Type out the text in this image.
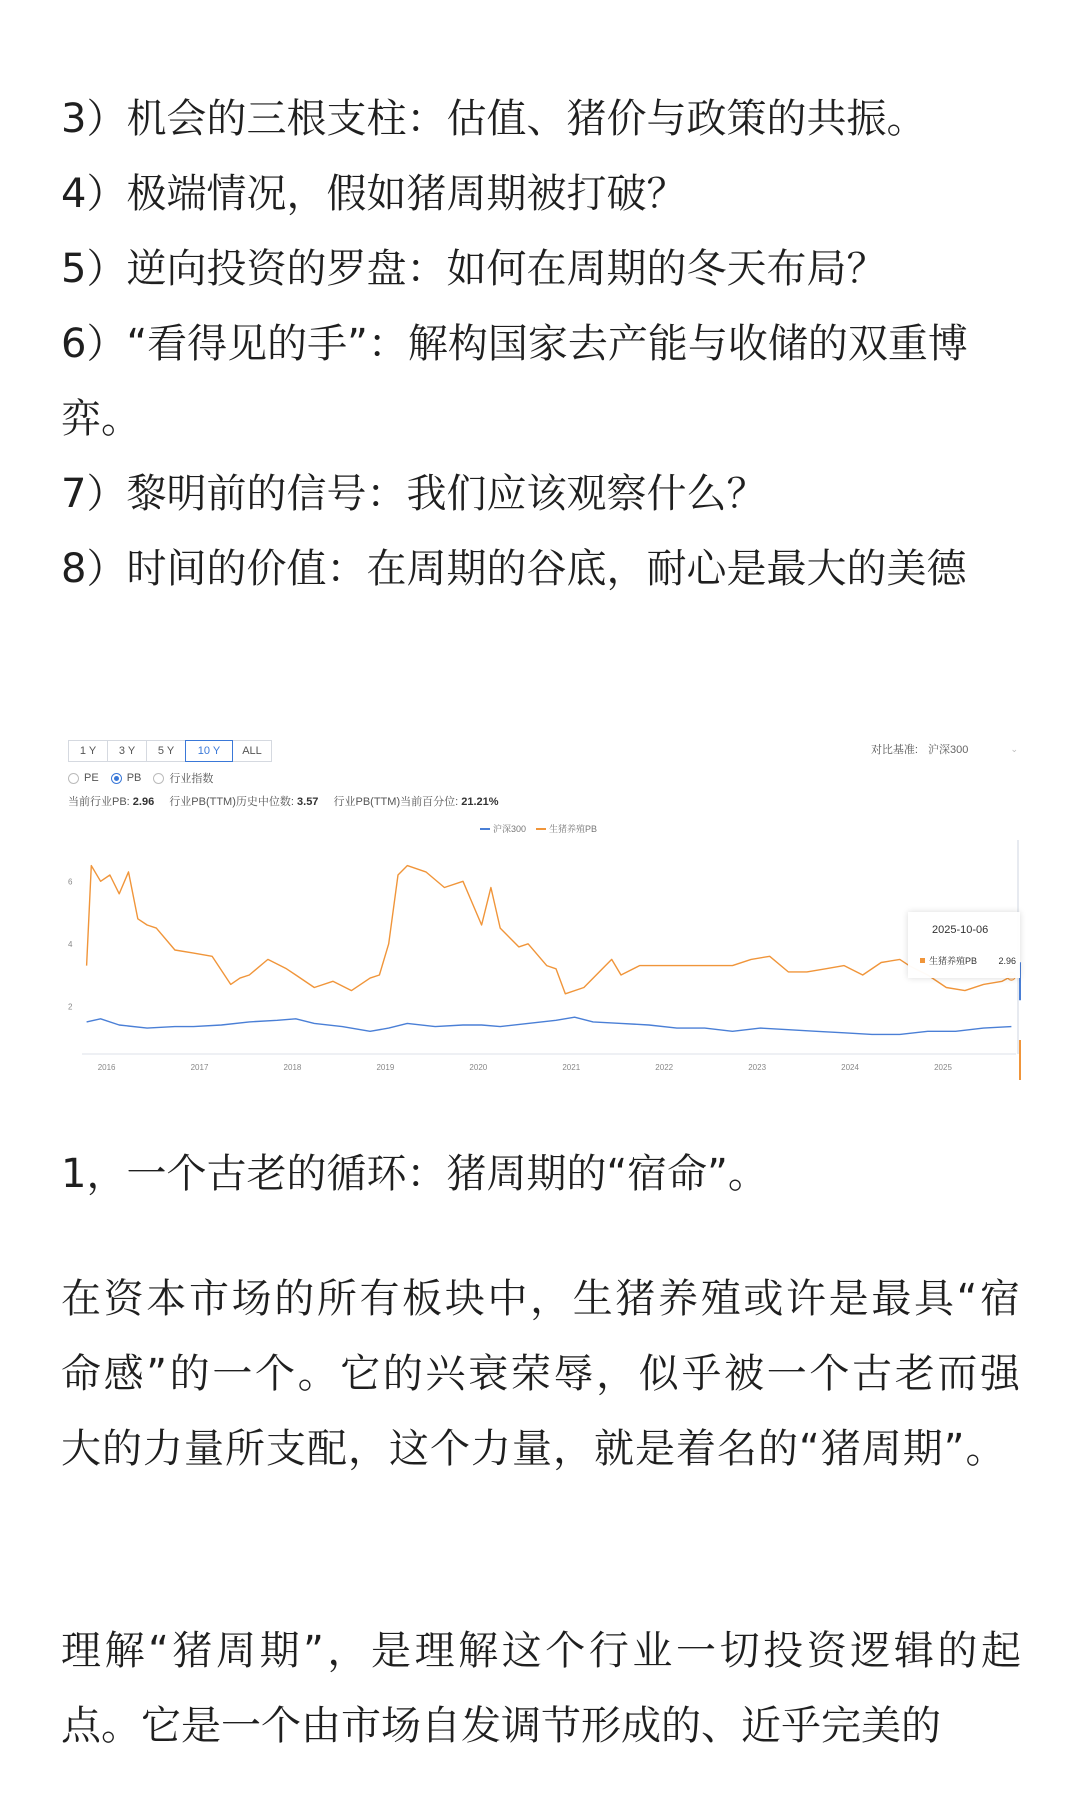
3）机会的三根支柱：估值、猪价与政策的共振。
4）极端情况，假如猪周期被打破？
5）逆向投资的罗盘：如何在周期的冬天布局？
6）“看得见的手”：解构国家去产能与收储的双重博弈。
7）黎明前的信号：我们应该观察什么？
8）时间的价值：在周期的谷底，耐心是最大的美德
1 Y	3 Y	5 Y	10 Y	ALL	对比基准: 沪深300	⌄
PE	PB	行业指数
当前行业PB: 2.96 行业PB(TTM)历史中位数: 3.57 行业PB(TTM)当前百分位: 21.21%
沪深300	生猪养殖PB
6
4
2
2016	2017	2018	2019	2020	2021	2022	2023	2024	2025
2025-10-06
生猪养殖PB 2.96
1，一个古老的循环：猪周期的“宿命”。
在资本市场的所有板块中，生猪养殖或许是最具“宿命感”的一个。它的兴衰荣辱，似乎被一个古老而强大的力量所支配，这个力量，就是着名的“猪周期”。
理解“猪周期”，是理解这个行业一切投资逻辑的起点。它是一个由市场自发调节形成的、近乎完美的
